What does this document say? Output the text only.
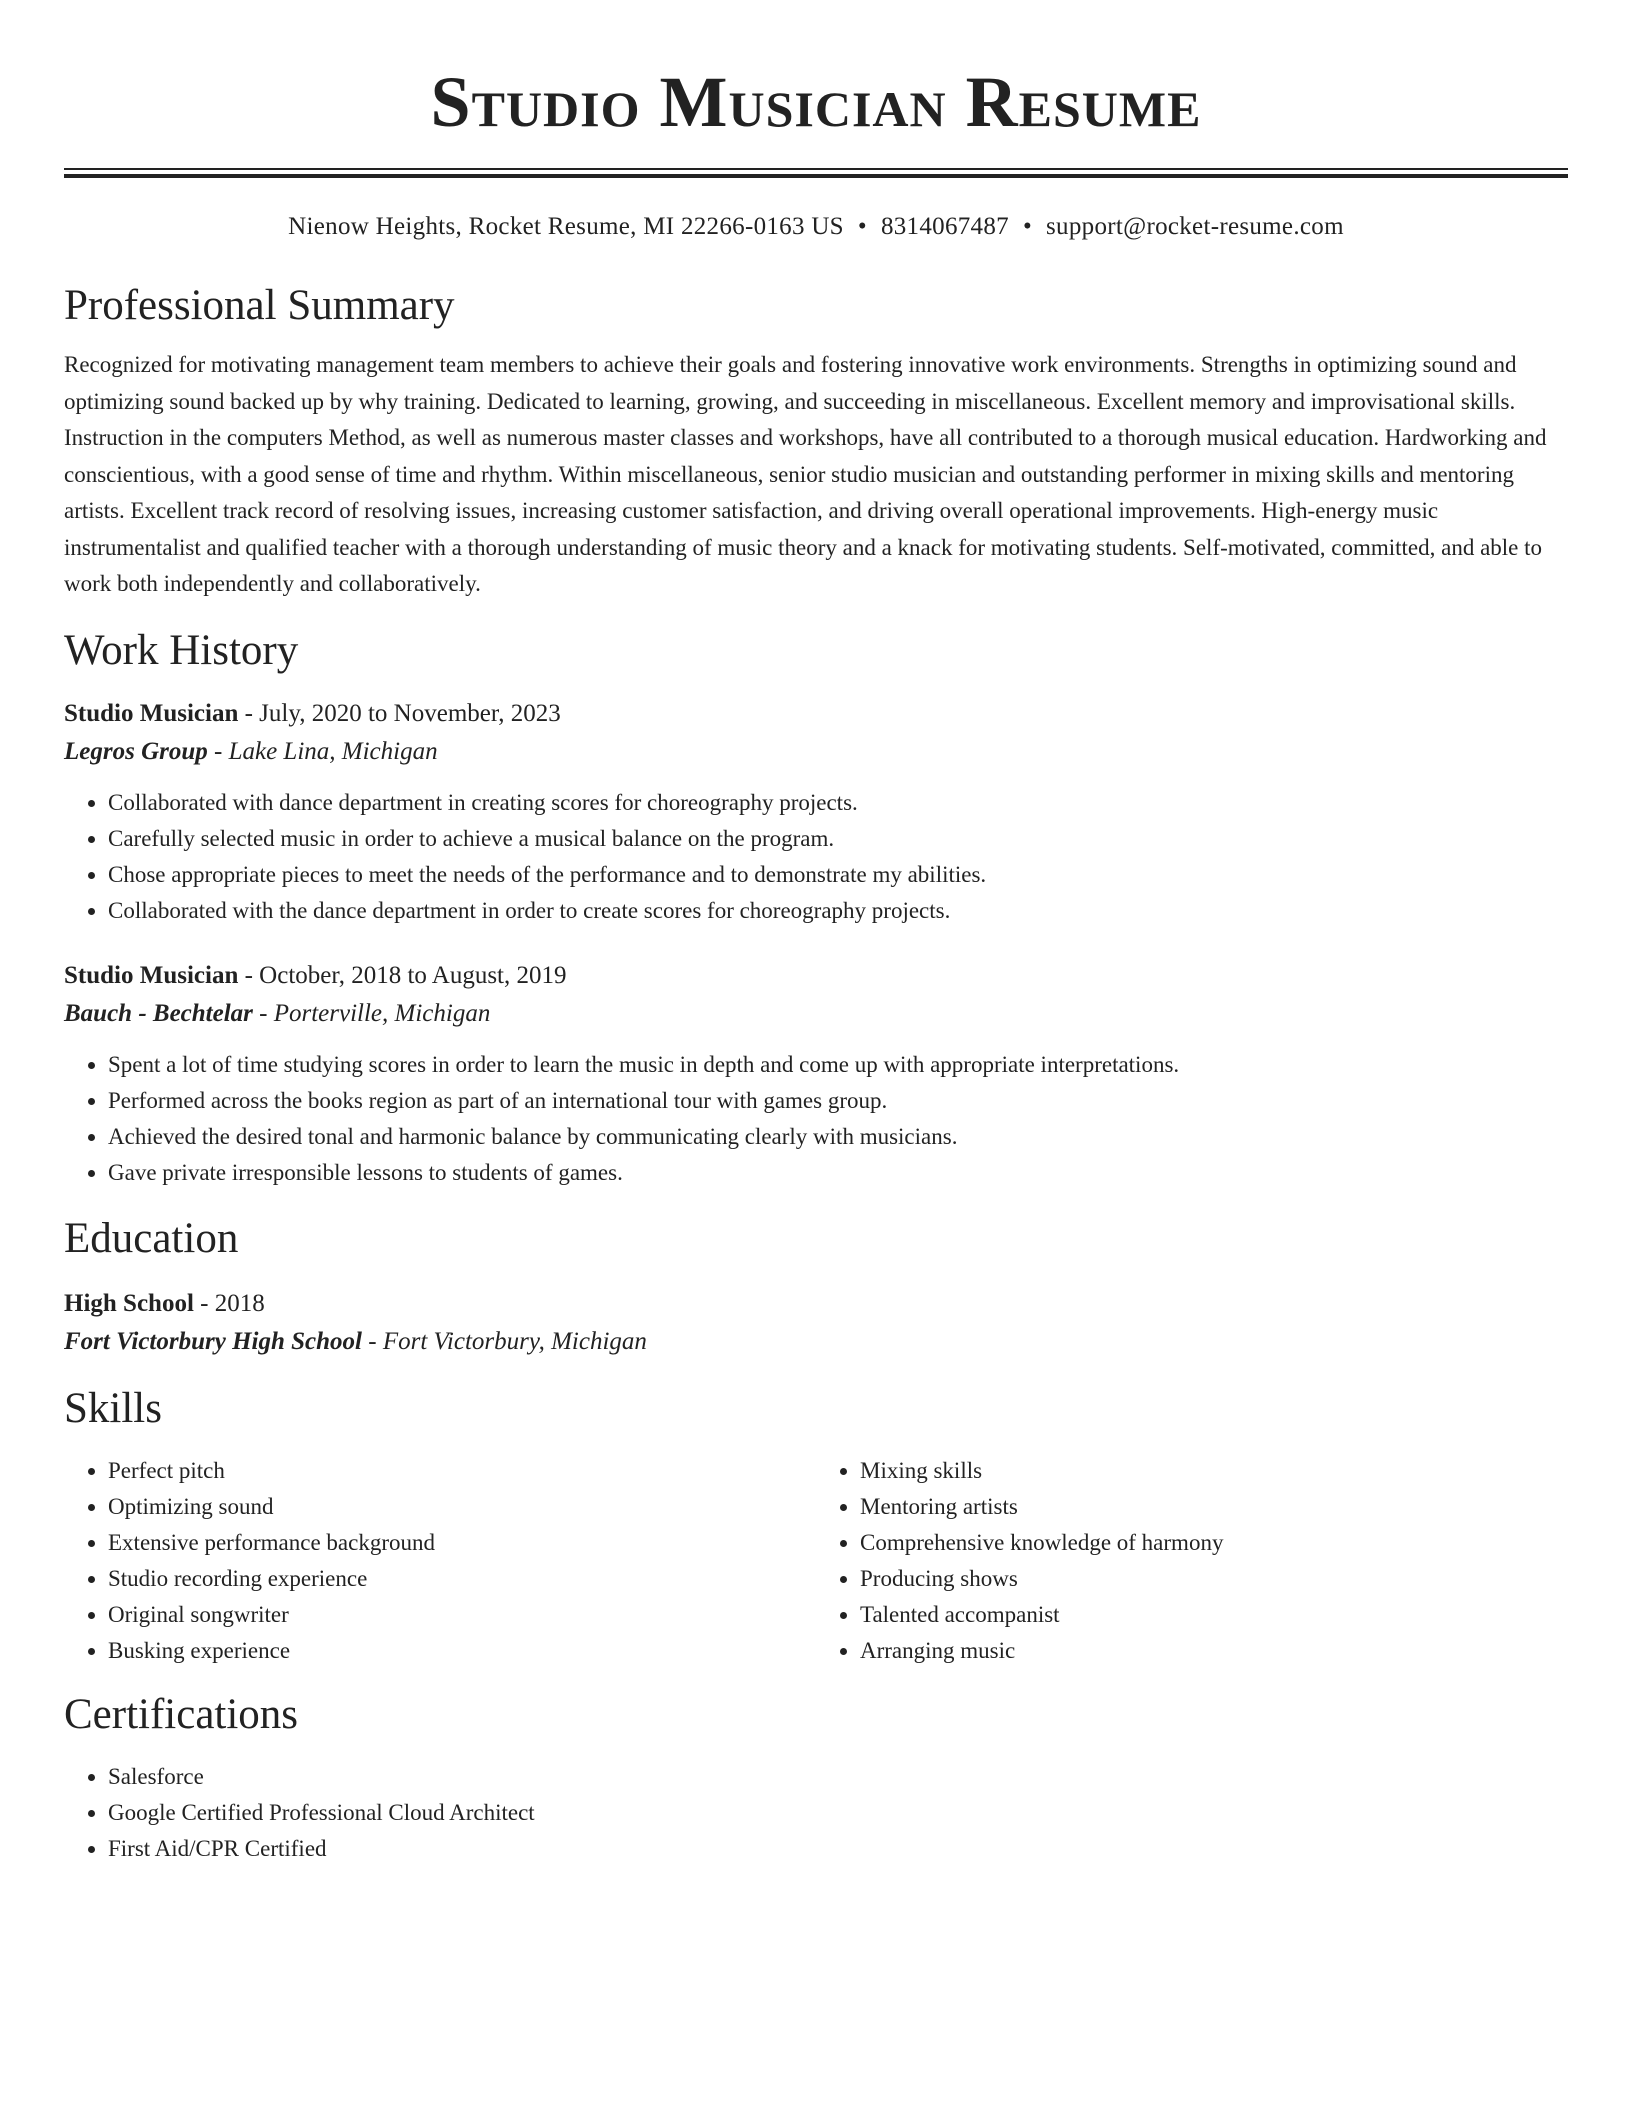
Studio Musician Resume
Nienow Heights, Rocket Resume, MI 22266-0163 US • 8314067487 • support@rocket-resume.com
Professional Summary

Recognized for motivating management team members to achieve their goals and fostering innovative work environments. Strengths in optimizing sound and optimizing sound backed up by why training. Dedicated to learning, growing, and succeeding in miscellaneous. Excellent memory and improvisational skills. Instruction in the computers Method, as well as numerous master classes and workshops, have all contributed to a thorough musical education. Hardworking and conscientious, with a good sense of time and rhythm. Within miscellaneous, senior studio musician and outstanding performer in mixing skills and mentoring artists. Excellent track record of resolving issues, increasing customer satisfaction, and driving overall operational improvements. High-energy music instrumentalist and qualified teacher with a thorough understanding of music theory and a knack for motivating students. Self-motivated, committed, and able to work both independently and collaboratively.

Work History
Studio Musician - July, 2020 to November, 2023
Legros Group - Lake Lina, Michigan
• Collaborated with dance department in creating scores for choreography projects.
• Carefully selected music in order to achieve a musical balance on the program.
• Chose appropriate pieces to meet the needs of the performance and to demonstrate my abilities.
• Collaborated with the dance department in order to create scores for choreography projects.
Studio Musician - October, 2018 to August, 2019
Bauch - Bechtelar - Porterville, Michigan
• Spent a lot of time studying scores in order to learn the music in depth and come up with appropriate interpretations.
• Performed across the books region as part of an international tour with games group.
• Achieved the desired tonal and harmonic balance by communicating clearly with musicians.
• Gave private irresponsible lessons to students of games.
Education
High School - 2018
Fort Victorbury High School - Fort Victorbury, Michigan
Skills
• Perfect pitch
• Optimizing sound
• Extensive performance background
• Studio recording experience
• Original songwriter
• Busking experience
• Mixing skills
• Mentoring artists
• Comprehensive knowledge of harmony
• Producing shows
• Talented accompanist
• Arranging music
Certifications
• Salesforce
• Google Certified Professional Cloud Architect
• First Aid/CPR Certified
